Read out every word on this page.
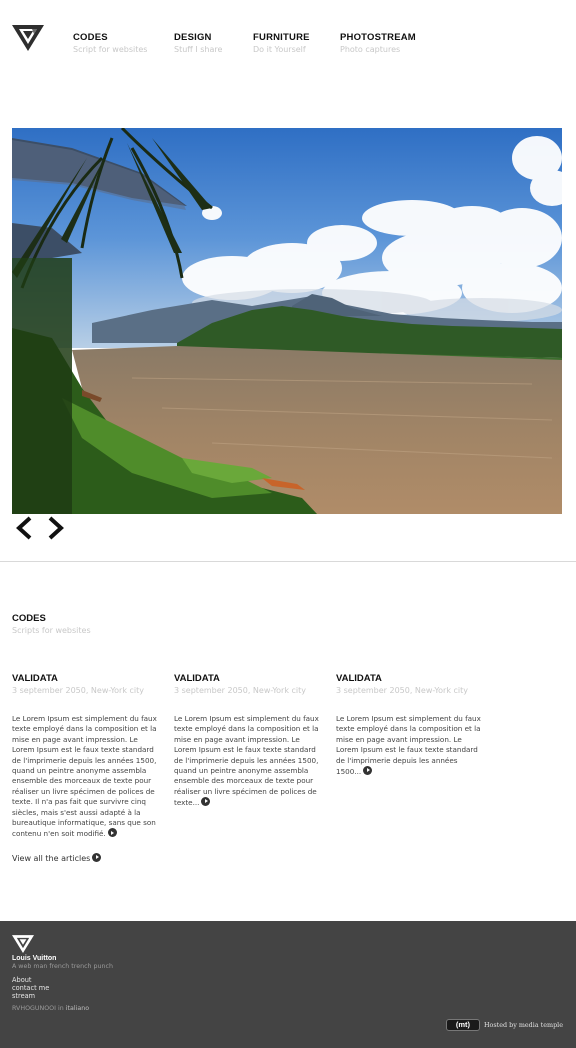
CODES
Script for websites
DESIGN
Stuff I share
FURNITURE
Do it Yourself
PHOTOSTREAM
Photo captures
CODES
Scripts for websites
VALIDATA
3 september 2050, New-York city
Le Lorem Ipsum est simplement du faux texte employé dans la composition et la mise en page avant impression. Le Lorem Ipsum est le faux texte standard de l'imprimerie depuis les années 1500, quand un peintre anonyme assembla ensemble des morceaux de texte pour réaliser un livre spécimen de polices de texte. Il n'a pas fait que survivre cinq siècles, mais s'est aussi adapté à la bureautique informatique, sans que son contenu n'en soit modifié.
VALIDATA
3 september 2050, New-York city
Le Lorem Ipsum est simplement du faux texte employé dans la composition et la mise en page avant impression. Le Lorem Ipsum est le faux texte standard de l'imprimerie depuis les années 1500, quand un peintre anonyme assembla ensemble des morceaux de texte pour réaliser un livre spécimen de polices de texte...
VALIDATA
3 september 2050, New-York city
Le Lorem Ipsum est simplement du faux texte employé dans la composition et la mise en page avant impression. Le Lorem Ipsum est le faux texte standard de l'imprimerie depuis les années 1500...
View all the articles
Louis Vuitton
A web man french trench punch
About
contact me
stream
RVHOGUNOOI in italiano
(mt)	Hosted by media temple
